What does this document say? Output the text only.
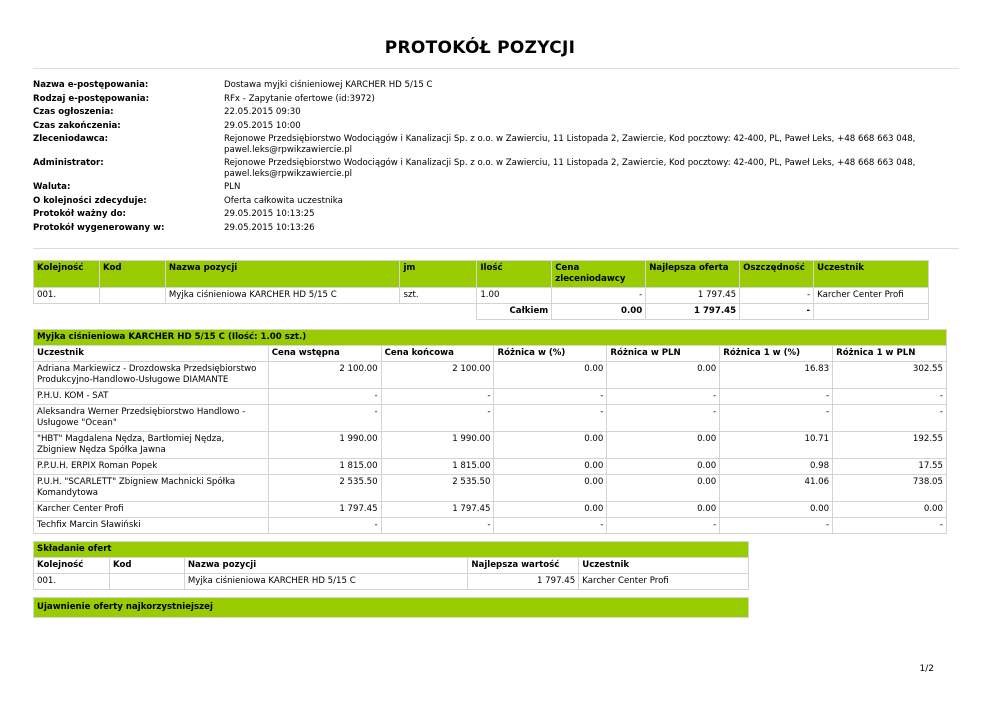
PROTOKÓŁ POZYCJI
Nazwa e-postępowania:	Dostawa myjki ciśnieniowej KARCHER HD 5/15 C
Rodzaj e-postępowania:	RFx - Zapytanie ofertowe (id:3972)
Czas ogłoszenia:	22.05.2015 09:30
Czas zakończenia:	29.05.2015 10:00
Zleceniodawca:	Rejonowe Przedsiębiorstwo Wodociągów i Kanalizacji Sp. z o.o. w Zawierciu, 11 Listopada 2, Zawiercie, Kod pocztowy: 42-400, PL, Paweł Leks, +48 668 663 048, pawel.leks@rpwikzawiercie.pl
Administrator:	Rejonowe Przedsiębiorstwo Wodociągów i Kanalizacji Sp. z o.o. w Zawierciu, 11 Listopada 2, Zawiercie, Kod pocztowy: 42-400, PL, Paweł Leks, +48 668 663 048, pawel.leks@rpwikzawiercie.pl
Waluta:	PLN
O kolejności zdecyduje:	Oferta całkowita uczestnika
Protokół ważny do:	29.05.2015 10:13:25
Protokół wygenerowany w:	29.05.2015 10:13:26
Kolejność	Kod	Nazwa pozycji	jm	Ilość	Cena zleceniodawcy	Najlepsza oferta	Oszczędność	Uczestnik
001.		Myjka ciśnieniowa KARCHER HD 5/15 C	szt.	1.00	-	1 797.45	-	Karcher Center Profi
				Całkiem	0.00	1 797.45	-	
Myjka ciśnieniowa KARCHER HD 5/15 C (Ilość: 1.00 szt.)						
Uczestnik	Cena wstępna	Cena końcowa	Różnica w (%)	Różnica w PLN	Różnica 1 w (%)	Różnica 1 w PLN
Adriana Markiewicz - Drozdowska Przedsiębiorstwo Produkcyjno-Handlowo-Usługowe DIAMANTE	2 100.00	2 100.00	0.00	0.00	16.83	302.55
P.H.U. KOM - SAT	-	-	-	-	-	-
Aleksandra Werner Przedsiębiorstwo Handlowo - Usługowe "Ocean"	-	-	-	-	-	-
"HBT" Magdalena Nędza, Bartłomiej Nędza, Zbigniew Nędza Spółka Jawna	1 990.00	1 990.00	0.00	0.00	10.71	192.55
P.P.U.H. ERPIX Roman Popek	1 815.00	1 815.00	0.00	0.00	0.98	17.55
P.U.H. "SCARLETT" Zbigniew Machnicki Spółka Komandytowa	2 535.50	2 535.50	0.00	0.00	41.06	738.05
Karcher Center Profi	1 797.45	1 797.45	0.00	0.00	0.00	0.00
Techfix Marcin Sławiński	-	-	-	-	-	-
Składanie ofert				
Kolejność	Kod	Nazwa pozycji	Najlepsza wartość	Uczestnik
001.		Myjka ciśnieniowa KARCHER HD 5/15 C	1 797.45	Karcher Center Profi
Ujawnienie oferty najkorzystniejszej
1/2
